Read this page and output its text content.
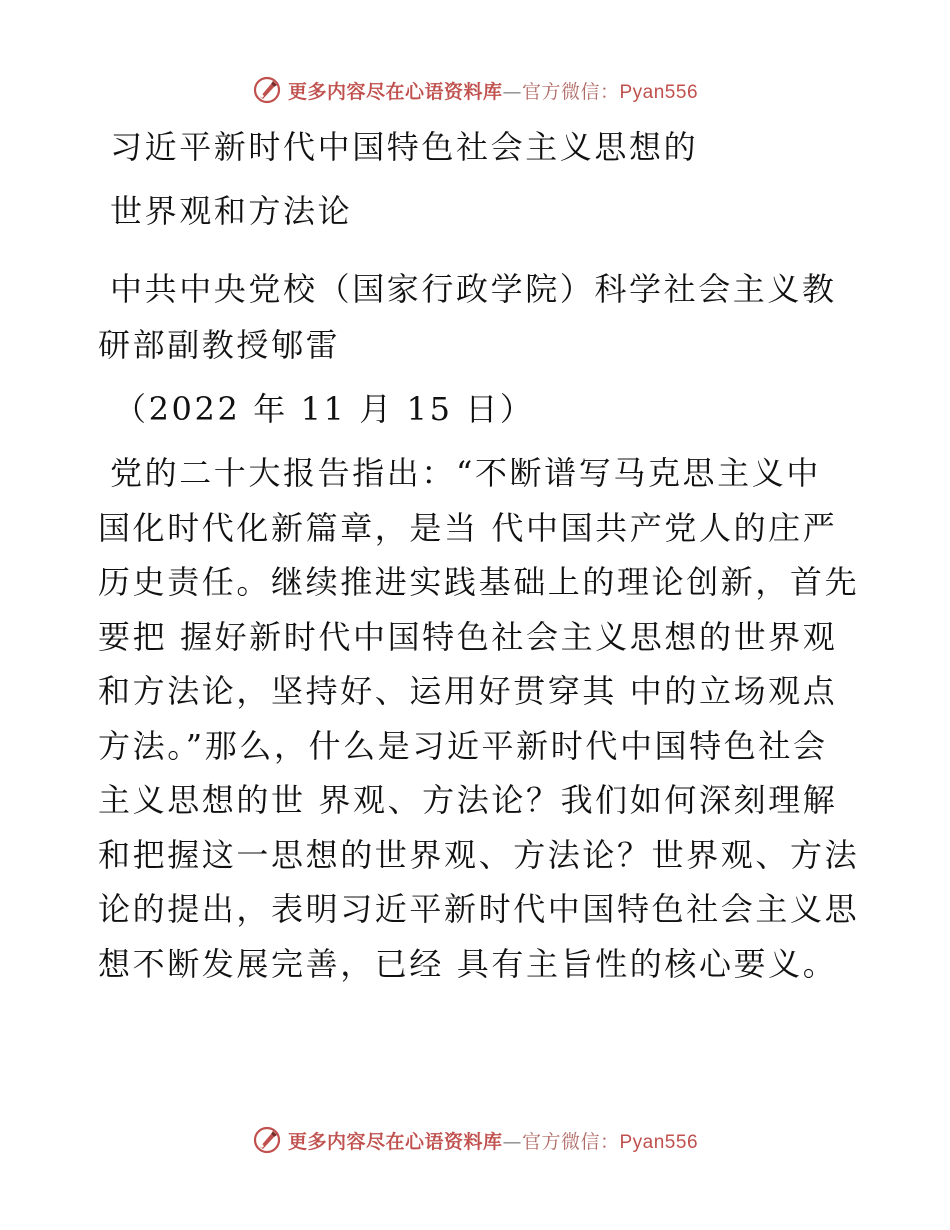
更多内容尽在心语资料库 — 官方微信： Pyan556

习近平新时代中国特色社会主义思想的

世界观和方法论

中共中央党校（国家行政学院）科学社会主义教

研部副教授郇雷

（2022 年 11 月 15 日）

党的二十大报告指出：“不断谱写马克思主义中
国化时代化新篇章，是当 代中国共产党人的庄严
历史责任。继续推进实践基础上的理论创新，首先
要把 握好新时代中国特色社会主义思想的世界观
和方法论，坚持好、运用好贯穿其 中的立场观点
方法。”那么，什么是习近平新时代中国特色社会
主义思想的世 界观、方法论？我们如何深刻理解
和把握这一思想的世界观、方法论？世界观、方法
论的提出，表明习近平新时代中国特色社会主义思
想不断发展完善，已经 具有主旨性的核心要义。
更多内容尽在心语资料库 — 官方微信： Pyan556
